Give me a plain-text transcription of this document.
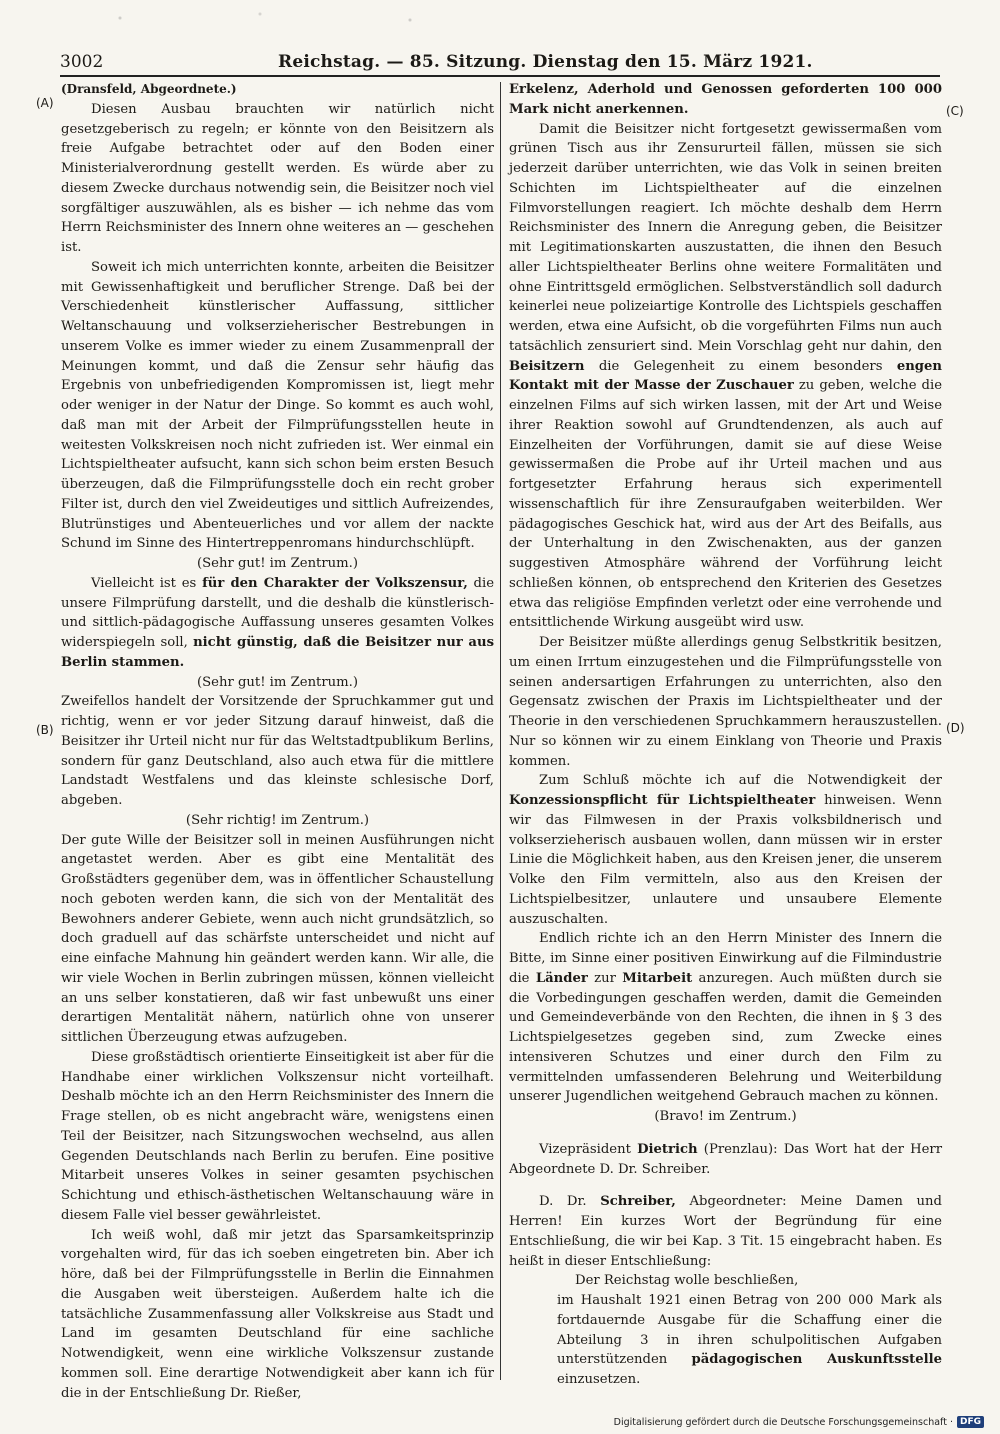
3002	Reichstag. — 85. Sitzung. Dienstag den 15. März 1921.
(A)
(B)
(C)
(D)
(Dransfeld, Abgeordnete.)

Diesen Ausbau brauchten wir natürlich nicht gesetzgeberisch zu regeln; er könnte von den Beisitzern als freie Aufgabe betrachtet oder auf den Boden einer Ministerialverordnung gestellt werden. Es würde aber zu diesem Zwecke durchaus notwendig sein, die Beisitzer noch viel sorgfältiger auszuwählen, als es bisher — ich nehme das vom Herrn Reichsminister des Innern ohne weiteres an — geschehen ist.

Soweit ich mich unterrichten konnte, arbeiten die Beisitzer mit Gewissenhaftigkeit und beruflicher Strenge. Daß bei der Verschiedenheit künstlerischer Auffassung, sittlicher Weltanschauung und volkserzieherischer Bestrebungen in unserem Volke es immer wieder zu einem Zusammenprall der Meinungen kommt, und daß die Zensur sehr häufig das Ergebnis von unbefriedigenden Kompromissen ist, liegt mehr oder weniger in der Natur der Dinge. So kommt es auch wohl, daß man mit der Arbeit der Filmprüfungsstellen heute in weitesten Volkskreisen noch nicht zufrieden ist. Wer einmal ein Lichtspieltheater aufsucht, kann sich schon beim ersten Besuch überzeugen, daß die Filmprüfungsstelle doch ein recht grober Filter ist, durch den viel Zweideutiges und sittlich Aufreizendes, Blutrünstiges und Abenteuerliches und vor allem der nackte Schund im Sinne des Hintertreppenromans hindurchschlüpft.

(Sehr gut! im Zentrum.)

Vielleicht ist es für den Charakter der Volkszensur, die unsere Filmprüfung darstellt, und die deshalb die künstlerisch- und sittlich-pädagogische Auffassung unseres gesamten Volkes widerspiegeln soll, nicht günstig, daß die Beisitzer nur aus Berlin stammen.

(Sehr gut! im Zentrum.)

Zweifellos handelt der Vorsitzende der Spruchkammer gut und richtig, wenn er vor jeder Sitzung darauf hinweist, daß die Beisitzer ihr Urteil nicht nur für das Weltstadtpublikum Berlins, sondern für ganz Deutschland, also auch etwa für die mittlere Landstadt Westfalens und das kleinste schlesische Dorf, abgeben.

(Sehr richtig! im Zentrum.)

Der gute Wille der Beisitzer soll in meinen Ausführungen nicht angetastet werden. Aber es gibt eine Mentalität des Großstädters gegenüber dem, was in öffentlicher Schaustellung noch geboten werden kann, die sich von der Mentalität des Bewohners anderer Gebiete, wenn auch nicht grundsätzlich, so doch graduell auf das schärfste unterscheidet und nicht auf eine einfache Mahnung hin geändert werden kann. Wir alle, die wir viele Wochen in Berlin zubringen müssen, können vielleicht an uns selber konstatieren, daß wir fast unbewußt uns einer derartigen Mentalität nähern, natürlich ohne von unserer sittlichen Überzeugung etwas aufzugeben.

Diese großstädtisch orientierte Einseitigkeit ist aber für die Handhabe einer wirklichen Volkszensur nicht vorteilhaft. Deshalb möchte ich an den Herrn Reichsminister des Innern die Frage stellen, ob es nicht angebracht wäre, wenigstens einen Teil der Beisitzer, nach Sitzungswochen wechselnd, aus allen Gegenden Deutschlands nach Berlin zu berufen. Eine positive Mitarbeit unseres Volkes in seiner gesamten psychischen Schichtung und ethisch-ästhetischen Weltanschauung wäre in diesem Falle viel besser gewährleistet.

Ich weiß wohl, daß mir jetzt das Sparsamkeitsprinzip vorgehalten wird, für das ich soeben eingetreten bin. Aber ich höre, daß bei der Filmprüfungsstelle in Berlin die Einnahmen die Ausgaben weit übersteigen. Außerdem halte ich die tatsächliche Zusammenfassung aller Volkskreise aus Stadt und Land im gesamten Deutschland für eine sachliche Notwendigkeit, wenn eine wirkliche Volkszensur zustande kommen soll. Eine derartige Notwendigkeit aber kann ich für die in der Entschließung Dr. Rießer,

Erkelenz, Aderhold und Genossen geforderten 100 000 Mark nicht anerkennen.

Damit die Beisitzer nicht fortgesetzt gewissermaßen vom grünen Tisch aus ihr Zensururteil fällen, müssen sie sich jederzeit darüber unterrichten, wie das Volk in seinen breiten Schichten im Lichtspieltheater auf die einzelnen Filmvorstellungen reagiert. Ich möchte deshalb dem Herrn Reichsminister des Innern die Anregung geben, die Beisitzer mit Legitimationskarten auszustatten, die ihnen den Besuch aller Lichtspieltheater Berlins ohne weitere Formalitäten und ohne Eintrittsgeld ermöglichen. Selbstverständlich soll dadurch keinerlei neue polizeiartige Kontrolle des Lichtspiels geschaffen werden, etwa eine Aufsicht, ob die vorgeführten Films nun auch tatsächlich zensuriert sind. Mein Vorschlag geht nur dahin, den Beisitzern die Gelegenheit zu einem besonders engen Kontakt mit der Masse der Zuschauer zu geben, welche die einzelnen Films auf sich wirken lassen, mit der Art und Weise ihrer Reaktion sowohl auf Grundtendenzen, als auch auf Einzelheiten der Vorführungen, damit sie auf diese Weise gewissermaßen die Probe auf ihr Urteil machen und aus fortgesetzter Erfahrung heraus sich experimentell wissenschaftlich für ihre Zensuraufgaben weiterbilden. Wer pädagogisches Geschick hat, wird aus der Art des Beifalls, aus der Unterhaltung in den Zwischenakten, aus der ganzen suggestiven Atmosphäre während der Vorführung leicht schließen können, ob entsprechend den Kriterien des Gesetzes etwa das religiöse Empfinden verletzt oder eine verrohende und entsittlichende Wirkung ausgeübt wird usw.

Der Beisitzer müßte allerdings genug Selbstkritik besitzen, um einen Irrtum einzugestehen und die Filmprüfungsstelle von seinen andersartigen Erfahrungen zu unterrichten, also den Gegensatz zwischen der Praxis im Lichtspieltheater und der Theorie in den verschiedenen Spruchkammern herauszustellen. Nur so können wir zu einem Einklang von Theorie und Praxis kommen.

Zum Schluß möchte ich auf die Notwendigkeit der Konzessionspflicht für Lichtspieltheater hinweisen. Wenn wir das Filmwesen in der Praxis volksbildnerisch und volkserzieherisch ausbauen wollen, dann müssen wir in erster Linie die Möglichkeit haben, aus den Kreisen jener, die unserem Volke den Film vermitteln, also aus den Kreisen der Lichtspielbesitzer, unlautere und unsaubere Elemente auszuschalten.

Endlich richte ich an den Herrn Minister des Innern die Bitte, im Sinne einer positiven Einwirkung auf die Filmindustrie die Länder zur Mitarbeit anzuregen. Auch müßten durch sie die Vorbedingungen geschaffen werden, damit die Gemeinden und Gemeindeverbände von den Rechten, die ihnen in § 3 des Lichtspielgesetzes gegeben sind, zum Zwecke eines intensiveren Schutzes und einer durch den Film zu vermittelnden umfassenderen Belehrung und Weiterbildung unserer Jugendlichen weitgehend Gebrauch machen zu können.

(Bravo! im Zentrum.)

Vizepräsident Dietrich (Prenzlau): Das Wort hat der Herr Abgeordnete D. Dr. Schreiber.

D. Dr. Schreiber, Abgeordneter: Meine Damen und Herren! Ein kurzes Wort der Begründung für eine Entschließung, die wir bei Kap. 3 Tit. 15 eingebracht haben. Es heißt in dieser Entschließung:

Der Reichstag wolle beschließen,

im Haushalt 1921 einen Betrag von 200 000 Mark als fortdauernde Ausgabe für die Schaffung einer die Abteilung 3 in ihren schulpolitischen Aufgaben unterstützenden pädagogischen Auskunftsstelle einzusetzen.

Digitalisierung gefördert durch die Deutsche Forschungsgemeinschaft · DFG
